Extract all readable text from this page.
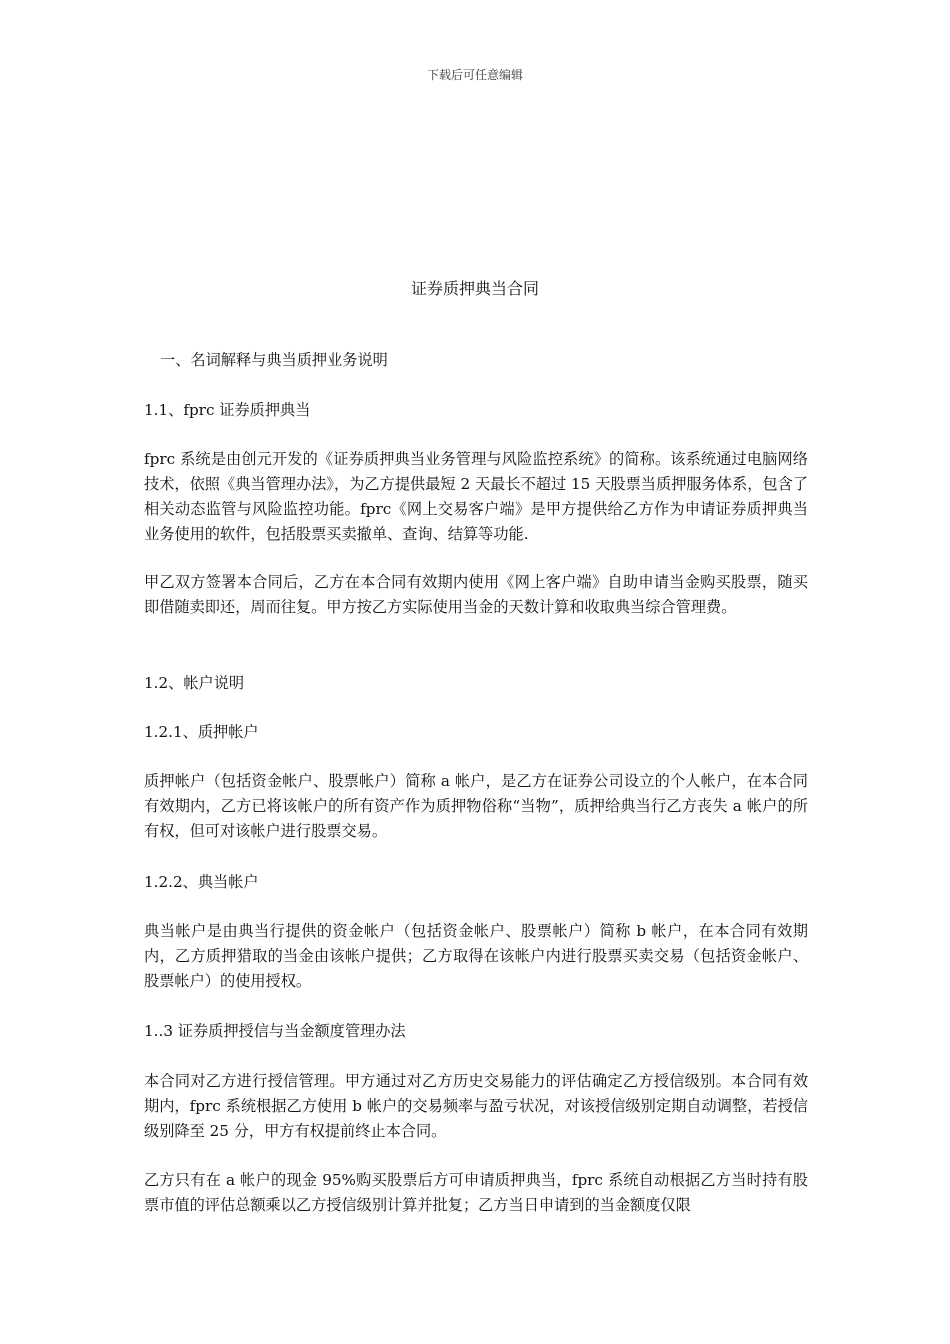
下载后可任意编辑
证券质押典当合同
一、名词解释与典当质押业务说明
1.1、fprc 证券质押典当
fprc 系统是由创元开发的《证券质押典当业务管理与风险监控系统》的简称。该系统通过电脑网络技术，依照《典当管理办法》，为乙方提供最短 2 天最长不超过 15 天股票当质押服务体系，包含了相关动态监管与风险监控功能。fprc《网上交易客户端》是甲方提供给乙方作为申请证券质押典当业务使用的软件，包括股票买卖撤单、查询、结算等功能.
甲乙双方签署本合同后，乙方在本合同有效期内使用《网上客户端》自助申请当金购买股票，随买即借随卖即还，周而往复。甲方按乙方实际使用当金的天数计算和收取典当综合管理费。
1.2、帐户说明
1.2.1、质押帐户
质押帐户（包括资金帐户、股票帐户）简称 a 帐户，是乙方在证券公司设立的个人帐户，在本合同有效期内，乙方已将该帐户的所有资产作为质押物俗称“当物”，质押给典当行乙方丧失 a 帐户的所有权，但可对该帐户进行股票交易。
1.2.2、典当帐户
典当帐户是由典当行提供的资金帐户（包括资金帐户、股票帐户）简称 b 帐户，在本合同有效期内，乙方质押猎取的当金由该帐户提供；乙方取得在该帐户内进行股票买卖交易（包括资金帐户、股票帐户）的使用授权。
1..3 证券质押授信与当金额度管理办法
本合同对乙方进行授信管理。甲方通过对乙方历史交易能力的评估确定乙方授信级别。本合同有效期内，fprc 系统根据乙方使用 b 帐户的交易频率与盈亏状况，对该授信级别定期自动调整，若授信级别降至 25 分，甲方有权提前终止本合同。
乙方只有在 a 帐户的现金 95%购买股票后方可申请质押典当，fprc 系统自动根据乙方当时持有股票市值的评估总额乘以乙方授信级别计算并批复；乙方当日申请到的当金额度仅限
